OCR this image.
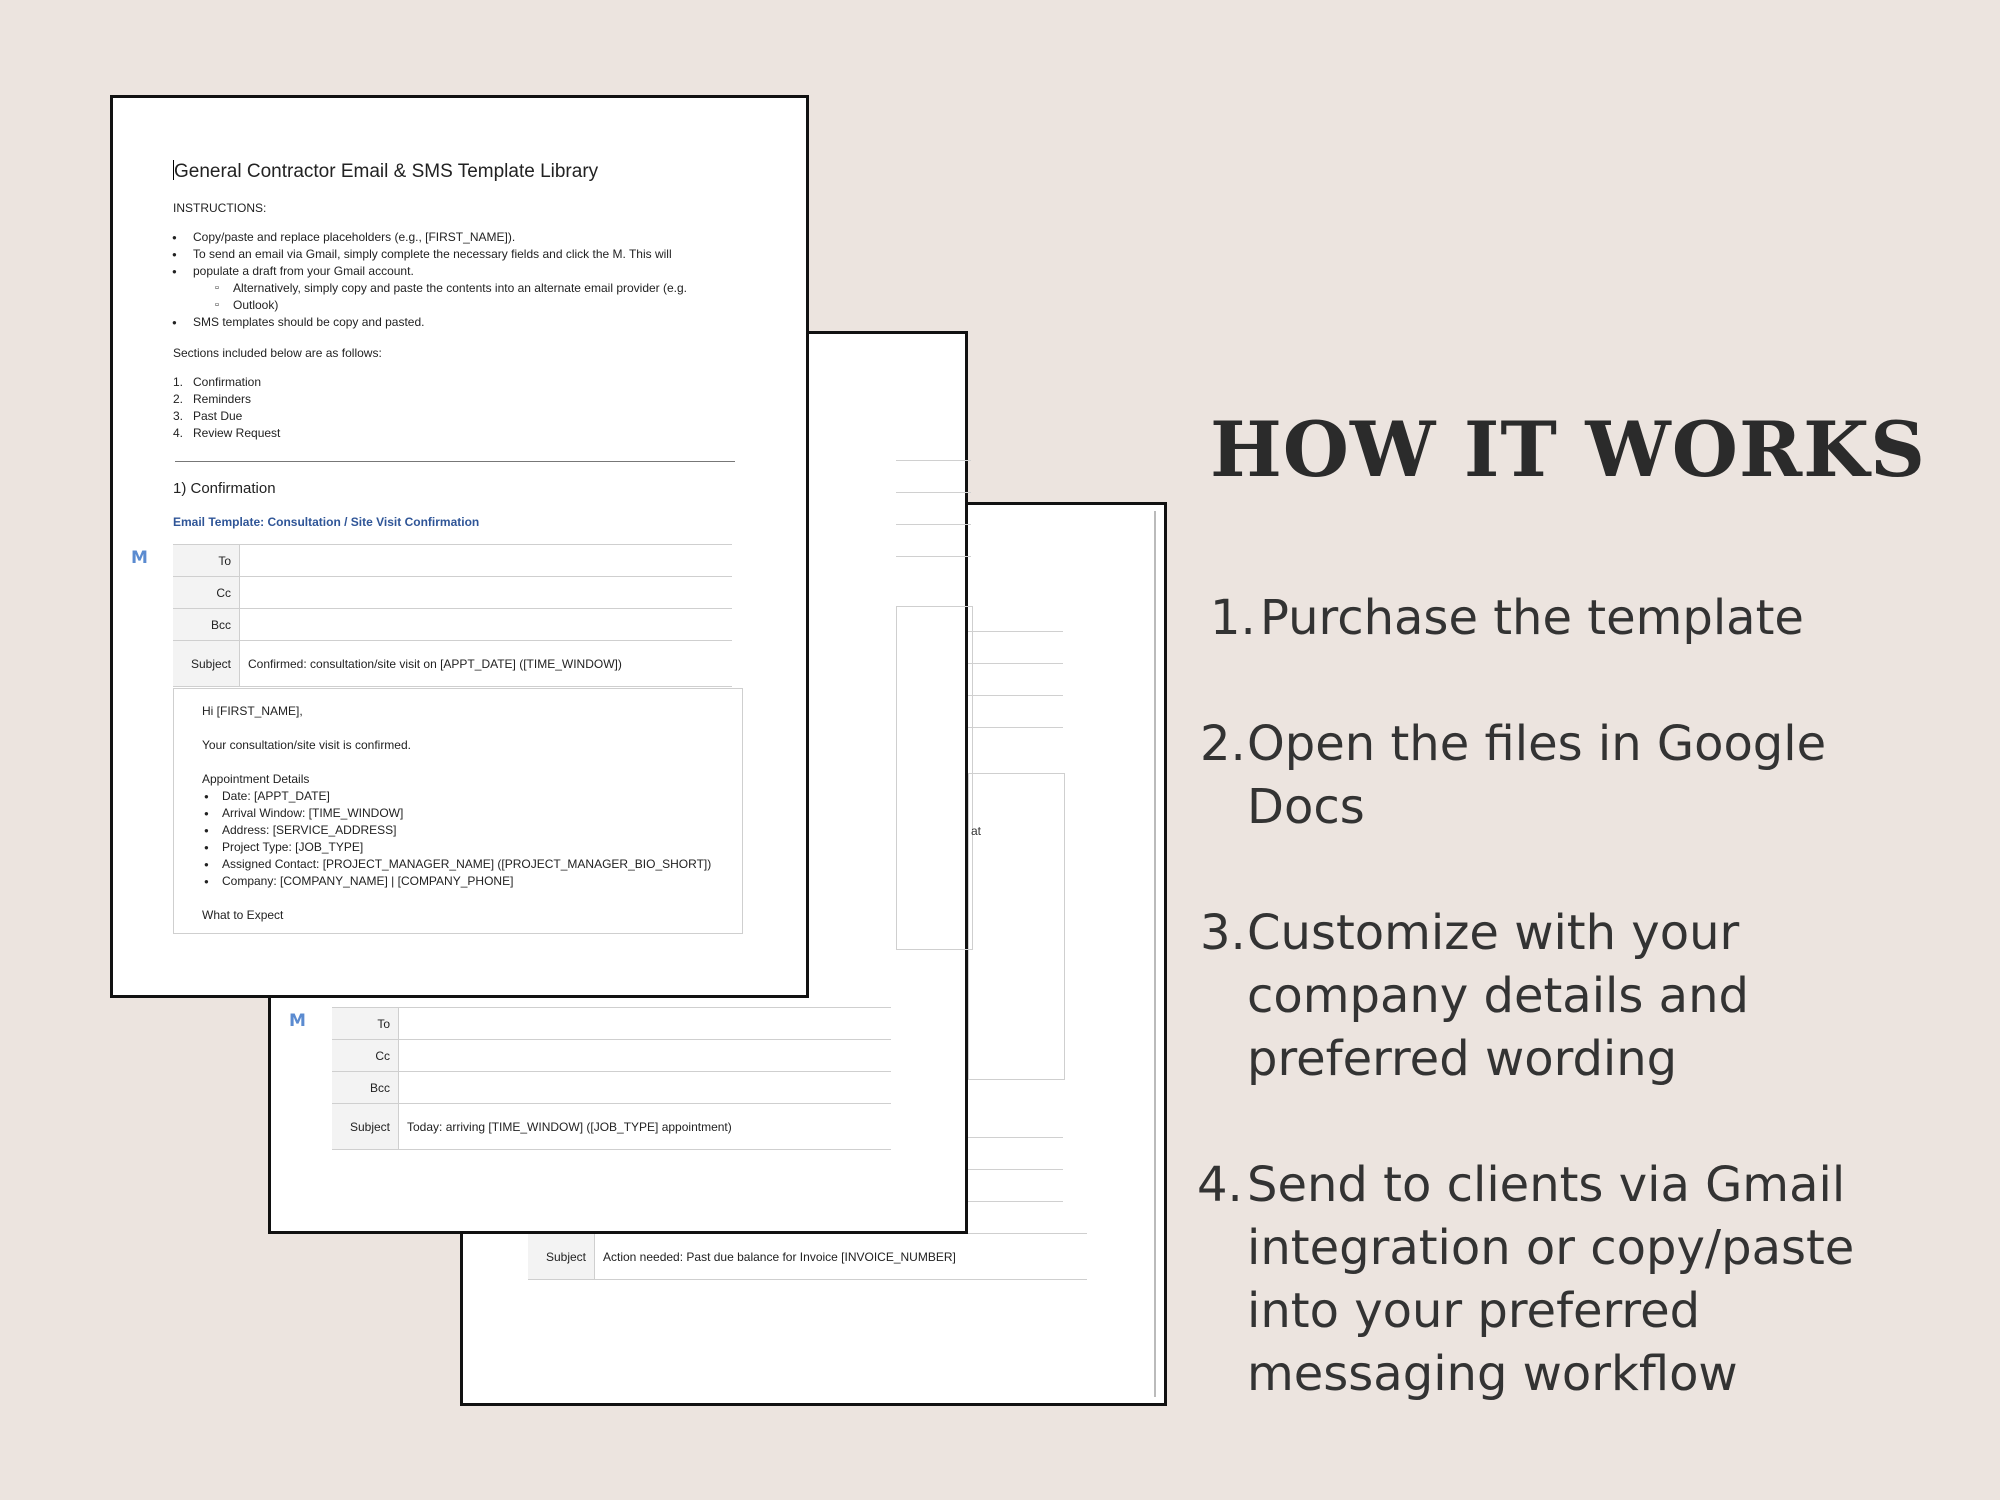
Subject	Action needed: Past due balance for Invoice [INVOICE_NUMBER]
at
M	To	
Cc	
Bcc	
Subject	Today: arriving [TIME_WINDOW] ([JOB_TYPE] appointment)
General Contractor Email & SMS Template Library
INSTRUCTIONS:
● Copy/paste and replace placeholders (e.g., [FIRST_NAME]).
● To send an email via Gmail, simply complete the necessary fields and click the M. This will
● populate a draft from your Gmail account.
▫ Alternatively, simply copy and paste the contents into an alternate email provider (e.g.
▫ Outlook)
● SMS templates should be copy and pasted.
Sections included below are as follows:
1. Confirmation
2. Reminders
3. Past Due
4. Review Request
1) Confirmation
Email Template: Consultation / Site Visit Confirmation
M	To	
Cc	
Bcc	
Subject	Confirmed: consultation/site visit on [APPT_DATE] ([TIME_WINDOW])
Hi [FIRST_NAME],
Your consultation/site visit is confirmed.
Appointment Details
● Date: [APPT_DATE]
● Arrival Window: [TIME_WINDOW]
● Address: [SERVICE_ADDRESS]
● Project Type: [JOB_TYPE]
● Assigned Contact: [PROJECT_MANAGER_NAME] ([PROJECT_MANAGER_BIO_SHORT])
● Company: [COMPANY_NAME] | [COMPANY_PHONE]
What to Expect
HOW IT WORKS
1. Purchase the template
2. Open the files in Google
Docs
3. Customize with your
company details and
preferred wording
4. Send to clients via Gmail
integration or copy/paste
into your preferred
messaging workflow
